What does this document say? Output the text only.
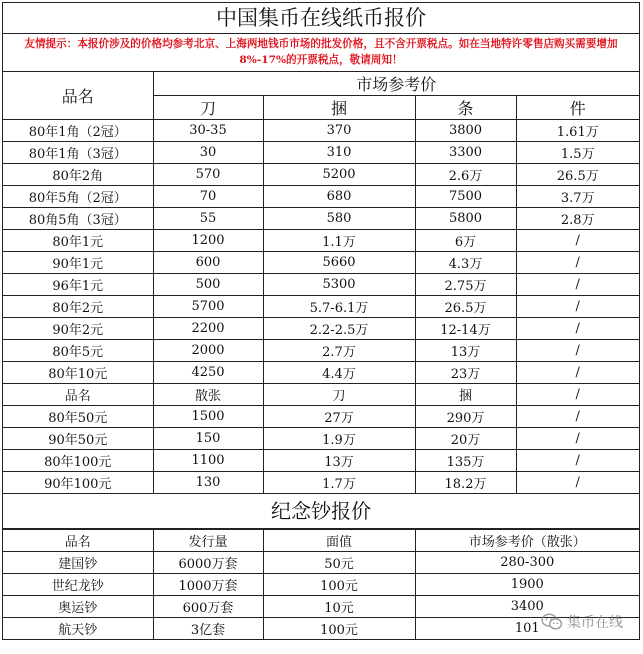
中国集币在线纸币报价
友情提示：本报价涉及的价格均参考北京、上海两地钱币市场的批发价格，且不含开票税点。如在当地特许零售店购买需要增加8%-17%的开票税点，敬请周知！
品名	市场参考价			
	刀	捆	条	件
80年1角（2冠）	30-35	370	3800	1.61万
80年1角（3冠）	30	310	3300	1.5万
80年2角	570	5200	2.6万	26.5万
80年5角（2冠）	70	680	7500	3.7万
80角5角（3冠）	55	580	5800	2.8万
80年1元	1200	1.1万	6万	/
90年1元	600	5660	4.3万	/
96年1元	500	5300	2.75万	/
80年2元	5700	5.7-6.1万	26.5万	/
90年2元	2200	2.2-2.5万	12-14万	/
80年5元	2000	2.7万	13万	/
80年10元	4250	4.4万	23万	/
品名	散张	刀	捆	/
80年50元	1500	27万	290万	/
90年50元	150	1.9万	20万	/
80年100元	1100	13万	135万	/
90年100元	130	1.7万	18.2万	/
纪念钞报价
品名	发行量	面值	市场参考价（散张）
建国钞	6000万套	50元	280-300
世纪龙钞	1000万套	100元	1900
奥运钞	600万套	10元	3400
航天钞	3亿套	100元	101 集币在线
